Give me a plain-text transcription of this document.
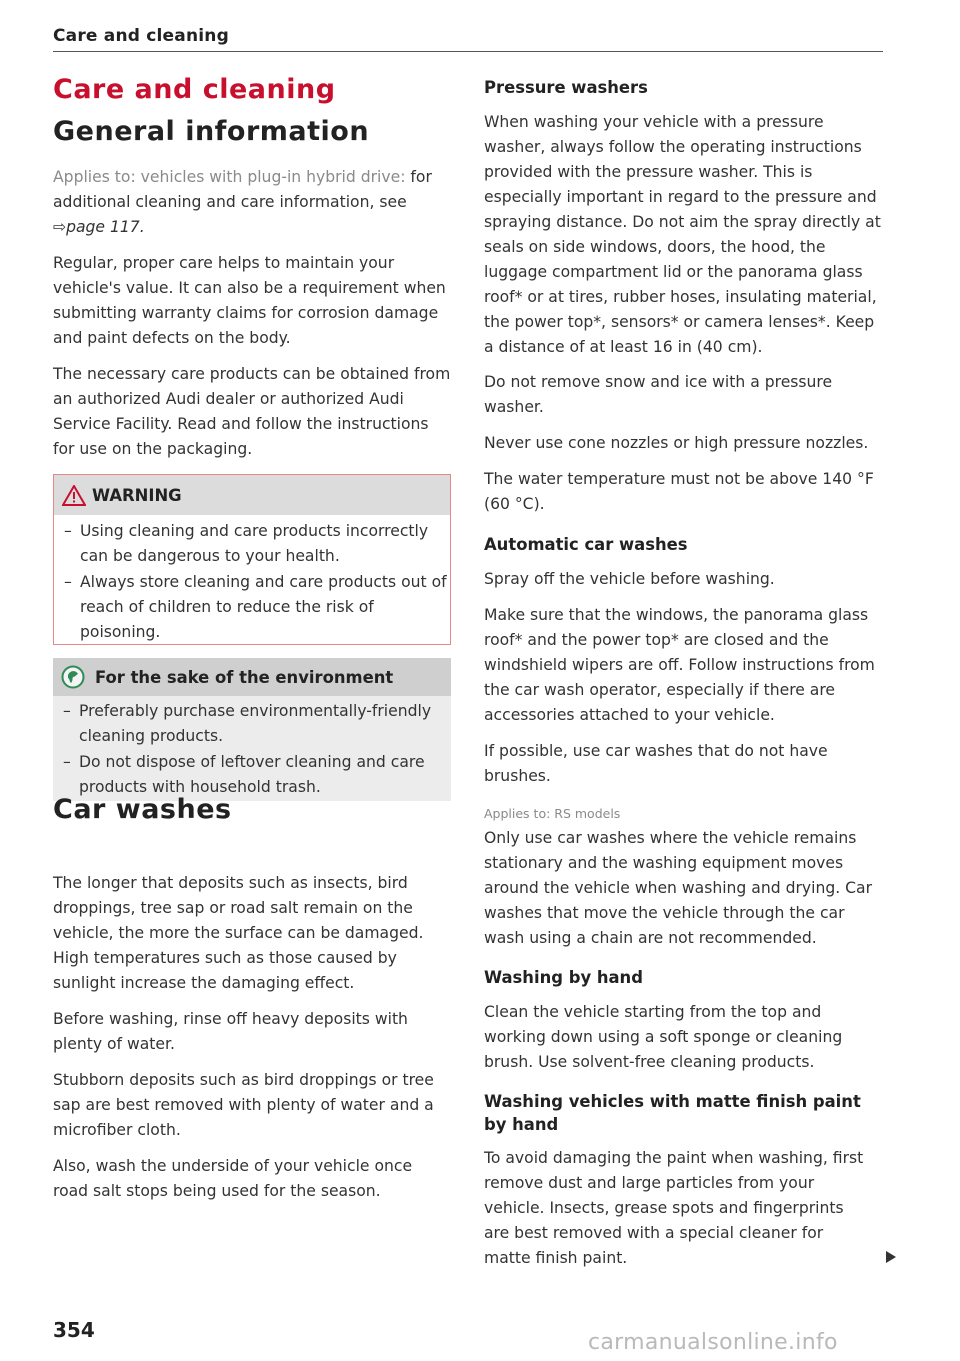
Care and cleaning
Care and cleaning
General information

Applies to: vehicles with plug-in hybrid drive: for additional cleaning and care information, see ⇨page 117.

Regular, proper care helps to maintain your vehicle's value. It can also be a requirement when submitting warranty claims for corrosion damage and paint defects on the body.

The necessary care products can be obtained from an authorized Audi dealer or authorized Audi Service Facility. Read and follow the instructions for use on the packaging.

WARNING
– Using cleaning and care products incorrectly can be dangerous to your health.
– Always store cleaning and care products out of reach of children to reduce the risk of poisoning.
For the sake of the environment
– Preferably purchase environmentally-friendly cleaning products.
– Do not dispose of leftover cleaning and care products with household trash.
Car washes

The longer that deposits such as insects, bird droppings, tree sap or road salt remain on the vehicle, the more the surface can be damaged. High temperatures such as those caused by sunlight increase the damaging effect.

Before washing, rinse off heavy deposits with plenty of water.

Stubborn deposits such as bird droppings or tree sap are best removed with plenty of water and a microfiber cloth.

Also, wash the underside of your vehicle once road salt stops being used for the season.

354
Pressure washers

When washing your vehicle with a pressure washer, always follow the operating instructions provided with the pressure washer. This is especially important in regard to the pressure and spraying distance. Do not aim the spray directly at seals on side windows, doors, the hood, the luggage compartment lid or the panorama glass roof* or at tires, rubber hoses, insulating material, the power top*, sensors* or camera lenses*. Keep a distance of at least 16 in (40 cm).

Do not remove snow and ice with a pressure washer.

Never use cone nozzles or high pressure nozzles.

The water temperature must not be above 140 °F (60 °C).

Automatic car washes

Spray off the vehicle before washing.

Make sure that the windows, the panorama glass roof* and the power top* are closed and the windshield wipers are off. Follow instructions from the car wash operator, especially if there are accessories attached to your vehicle.

If possible, use car washes that do not have brushes.

Applies to: RS models

Only use car washes where the vehicle remains stationary and the washing equipment moves around the vehicle when washing and drying. Car washes that move the vehicle through the car wash using a chain are not recommended.

Washing by hand

Clean the vehicle starting from the top and working down using a soft sponge or cleaning brush. Use solvent-free cleaning products.

Washing vehicles with matte finish paint by hand

To avoid damaging the paint when washing, first remove dust and large particles from your vehicle. Insects, grease spots and fingerprints are best removed with a special cleaner for matte finish paint.

carmanualsonline.info
